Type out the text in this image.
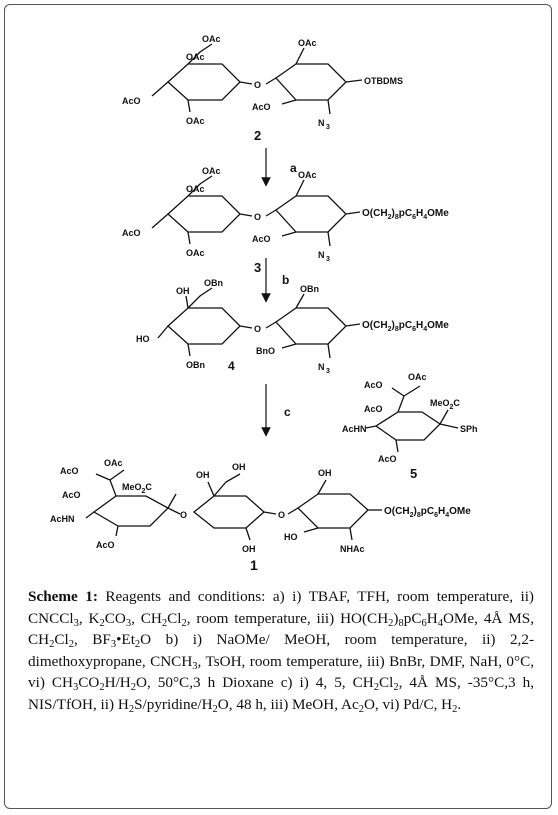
OAc
OAc
AcO
O
OAc
OAc
AcO
N 3
OTBDMS
2
a
OAc
OAc
AcO
O
OAc
OAc
AcO
N 3
$O(CH_2)_8pC_6H_4OMe$
3
b
OH
OBn
HO
O
OBn
OBn
BnO
N 3
$O(CH_2)_8pC_6H_4OMe$
4
c
AcO
OAc
AcO
MeO$_2$C
AcHN
AcO
SPh
5
AcO
OAc
AcO
MeO$_2$C
AcHN
AcO
OH
OH
O
OH
O
OH
HO
NHAc
$O(CH_2)_8pC_6H_4OMe$
1
Scheme 1: Reagents and conditions: a) i) TBAF, TFH, room temperature, ii) CNCCl$_3$, $K_2CO_3$, $CH_2Cl_2$, room temperature, iii) $HO(CH_2)_8pC_6H_4OMe$, 4Å MS, $CH_2Cl_2$, $BF_3•Et_2O$ b) i) NaOMe/ MeOH, room temperature, ii) 2,2-dimethoxypropane, $CNCH_3$, TsOH, room temperature, iii) BnBr, DMF, NaH, 0°C, vi) $CH_3CO_2H/H_2O$, 50°C,3 h Dioxane c) i) 4, 5, $CH_2Cl_2$, 4Å MS, -35°C,3 h, NIS/TfOH, ii) $H_2S/pyridine/H_2O$, 48 h, iii) MeOH, $Ac_2O$, vi) Pd/C, $H_2$.
